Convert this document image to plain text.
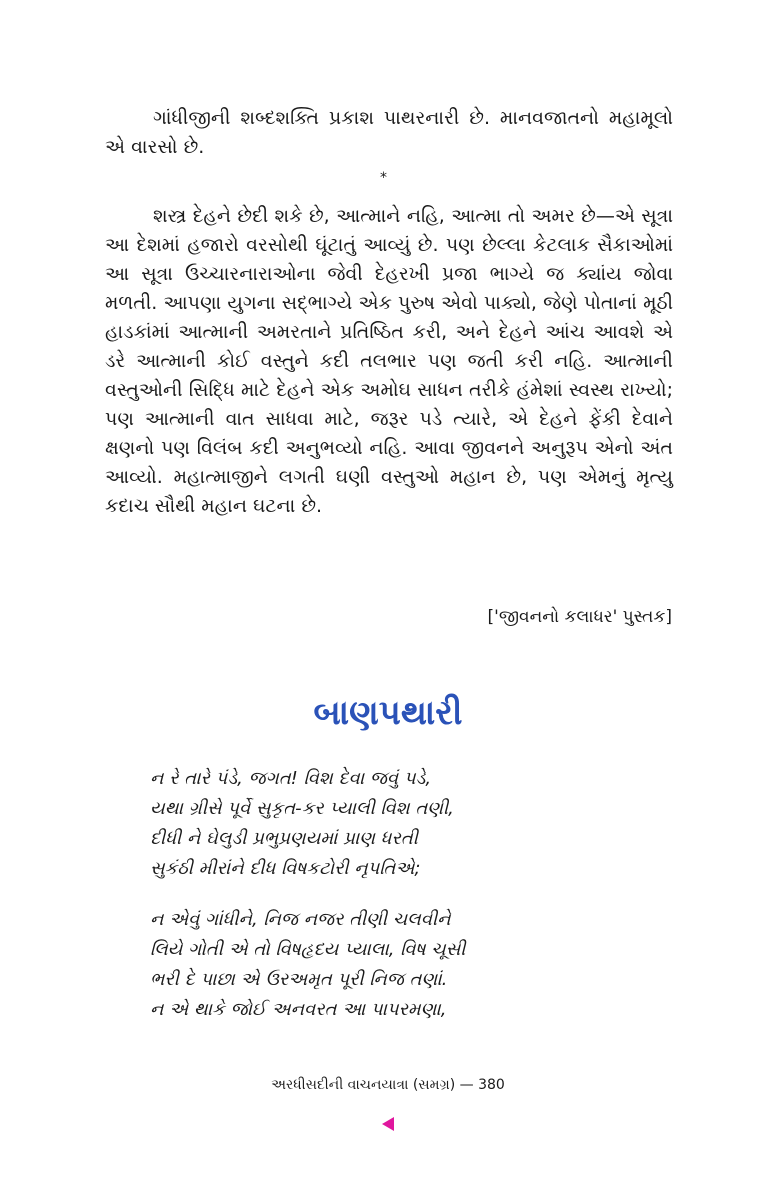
ગાંધીજીની શબ્દશક્તિ પ્રકાશ પાથરનારી છે. માનવજાતનો મહામૂલો એ વારસો છે.

*

શસ્ત્ર દેહને છેદી શકે છે, આત્માને નહિ, આત્મા તો અમર છે—એ સૂત્રા આ દેશમાં હજારો વરસોથી ઘૂંટાતું આવ્યું છે. પણ છેલ્લા કેટલાક સૈકાઓમાં આ સૂત્રા ઉચ્ચારનારાઓના જેવી દેહરખી પ્રજા ભાગ્યે જ ક્યાંય જોવા મળતી. આપણા યુગના સદ્ભાગ્યે એક પુરુષ એવો પાક્યો, જેણે પોતાનાં મૂઠી હાડકાંમાં આત્માની અમરતાને પ્રતિષ્ઠિત કરી, અને દેહને આંચ આવશે એ ડરે આત્માની કોઈ વસ્તુને કદી તલભાર પણ જતી કરી નહિ. આત્માની વસ્તુઓની સિદ્ધિ માટે દેહને એક અમોઘ સાધન તરીકે હંમેશાં સ્વસ્થ રાખ્યો; પણ આત્માની વાત સાધવા માટે, જરૂર પડે ત્યારે, એ દેહને ફેંકી દેવાને ક્ષણનો પણ વિલંબ કદી અનુભવ્યો નહિ. આવા જીવનને અનુરૂપ એનો અંત આવ્યો. મહાત્માજીને લગતી ઘણી વસ્તુઓ મહાન છે, પણ એમનું મૃત્યુ કદાચ સૌથી મહાન ઘટના છે.

['જીવનનો કલાધર' પુસ્તક]
બાણપથારી
ન રે તારે પંડે, જગત! વિશ દેવા જવું પડે,
યથા ગ્રીસે પૂર્વે સુકૃત-કર પ્યાલી વિશ તણી,
દીધી ને ઘેલુડી પ્રભુપ્રણયમાં પ્રાણ ધરતી
સુકંઠી મીરાંને દીધ વિષકટોરી નૃપતિએ;
ન એવું ગાંધીને, નિજ નજર તીણી ચલવીને
લિયે ગોતી એ તો વિષહૃદય પ્યાલા, વિષ ચૂસી
ભરી દે પાછા એ ઉરઅમૃત પૂરી નિજ તણાં.
ન એ થાકે જોઈ અનવરત આ પાપરમણા,
અરધીસદીની વાચનયાત્રા (સમગ્ર) — 380
